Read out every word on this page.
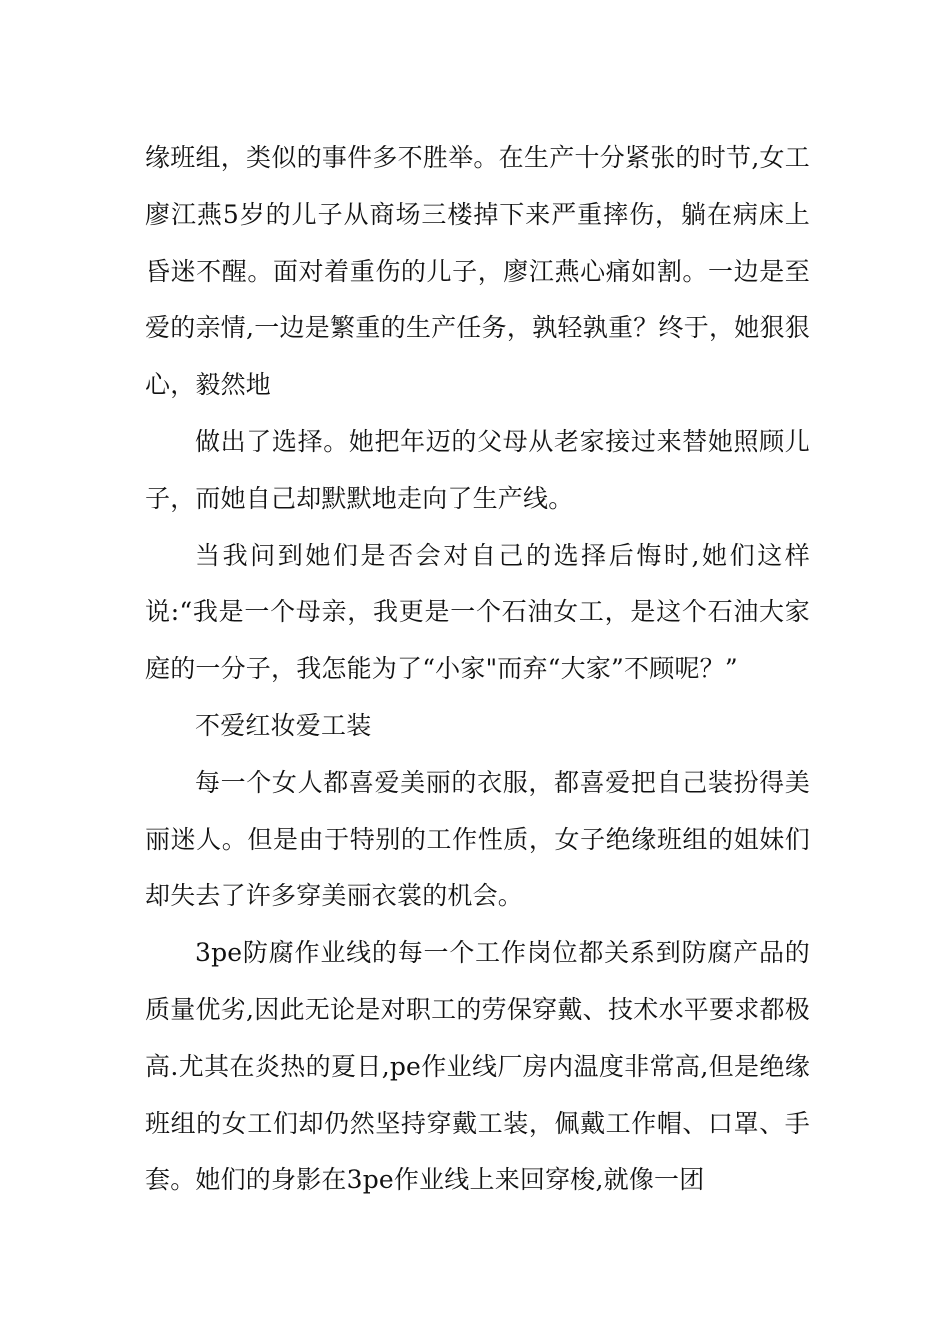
缘班组，类似的事件多不胜举。在生产十分紧张的时节,女工廖江燕5岁的儿子从商场三楼掉下来严重摔伤，躺在病床上昏迷不醒。面对着重伤的儿子，廖江燕心痛如割。一边是至爱的亲情,一边是繁重的生产任务，孰轻孰重？终于，她狠狠心，毅然地

做出了选择。她把年迈的父母从老家接过来替她照顾儿子，而她自己却默默地走向了生产线。

当我问到她们是否会对自己的选择后悔时,她们这样说:“我是一个母亲，我更是一个石油女工，是这个石油大家庭的一分子，我怎能为了“小家"而弃“大家”不顾呢？”

不爱红妆爱工装

每一个女人都喜爱美丽的衣服，都喜爱把自己装扮得美丽迷人。但是由于特别的工作性质，女子绝缘班组的姐妹们却失去了许多穿美丽衣裳的机会。

3pe防腐作业线的每一个工作岗位都关系到防腐产品的质量优劣,因此无论是对职工的劳保穿戴、技术水平要求都极高.尤其在炎热的夏日,pe作业线厂房内温度非常高,但是绝缘班组的女工们却仍然坚持穿戴工装，佩戴工作帽、口罩、手套。她们的身影在3pe作业线上来回穿梭,就像一团
